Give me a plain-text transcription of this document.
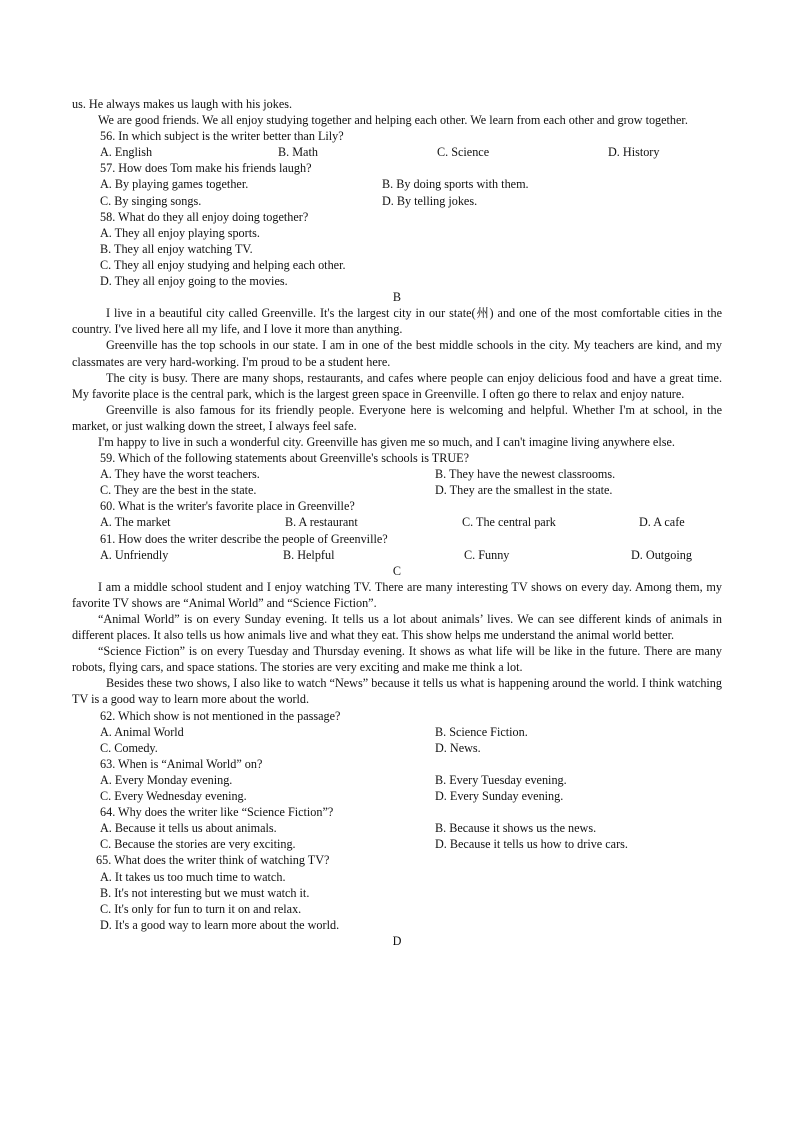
us. He always makes us laugh with his jokes.
We are good friends. We all enjoy studying together and helping each other. We learn from each other and grow together.
56. In which subject is the writer better than Lily?
A. English	B. Math	C. Science	D. History
57. How does Tom make his friends laugh?
A. By playing games together.	B. By doing sports with them.
C. By singing songs.	D. By telling jokes.
58. What do they all enjoy doing together?
A. They all enjoy playing sports.
B. They all enjoy watching TV.
C. They all enjoy studying and helping each other.
D. They all enjoy going to the movies.
B
I live in a beautiful city called Greenville. It's the largest city in our state(州) and one of the most comfortable cities in the country. I've lived here all my life, and I love it more than anything.
Greenville has the top schools in our state. I am in one of the best middle schools in the city. My teachers are kind, and my classmates are very hard-working. I'm proud to be a student here.
The city is busy. There are many shops, restaurants, and cafes where people can enjoy delicious food and have a great time. My favorite place is the central park, which is the largest green space in Greenville. I often go there to relax and enjoy nature.
Greenville is also famous for its friendly people. Everyone here is welcoming and helpful. Whether I'm at school, in the market, or just walking down the street, I always feel safe.
I'm happy to live in such a wonderful city. Greenville has given me so much, and I can't imagine living anywhere else.
59. Which of the following statements about Greenville's schools is TRUE?
A. They have the worst teachers.	B. They have the newest classrooms.
C. They are the best in the state.	D. They are the smallest in the state.
60. What is the writer's favorite place in Greenville?
A. The market	B. A restaurant	C. The central park	D. A cafe
61. How does the writer describe the people of Greenville?
A. Unfriendly	B. Helpful	C. Funny	D. Outgoing
C
I am a middle school student and I enjoy watching TV. There are many interesting TV shows on every day. Among them, my favorite TV shows are “Animal World” and “Science Fiction”.
“Animal World” is on every Sunday evening. It tells us a lot about animals’ lives. We can see different kinds of animals in different places. It also tells us how animals live and what they eat. This show helps me understand the animal world better.
“Science Fiction” is on every Tuesday and Thursday evening. It shows as what life will be like in the future. There are many robots, flying cars, and space stations. The stories are very exciting and make me think a lot.
Besides these two shows, I also like to watch “News” because it tells us what is happening around the world. I think watching TV is a good way to learn more about the world.
62. Which show is not mentioned in the passage?
A. Animal World	B. Science Fiction.
C. Comedy.	D. News.
63. When is “Animal World” on?
A. Every Monday evening.	B. Every Tuesday evening.
C. Every Wednesday evening.	D. Every Sunday evening.
64. Why does the writer like “Science Fiction”?
A. Because it tells us about animals.	B. Because it shows us the news.
C. Because the stories are very exciting.	D. Because it tells us how to drive cars.
65. What does the writer think of watching TV?
A. It takes us too much time to watch.
B. It's not interesting but we must watch it.
C. It's only for fun to turn it on and relax.
D. It's a good way to learn more about the world.
D
